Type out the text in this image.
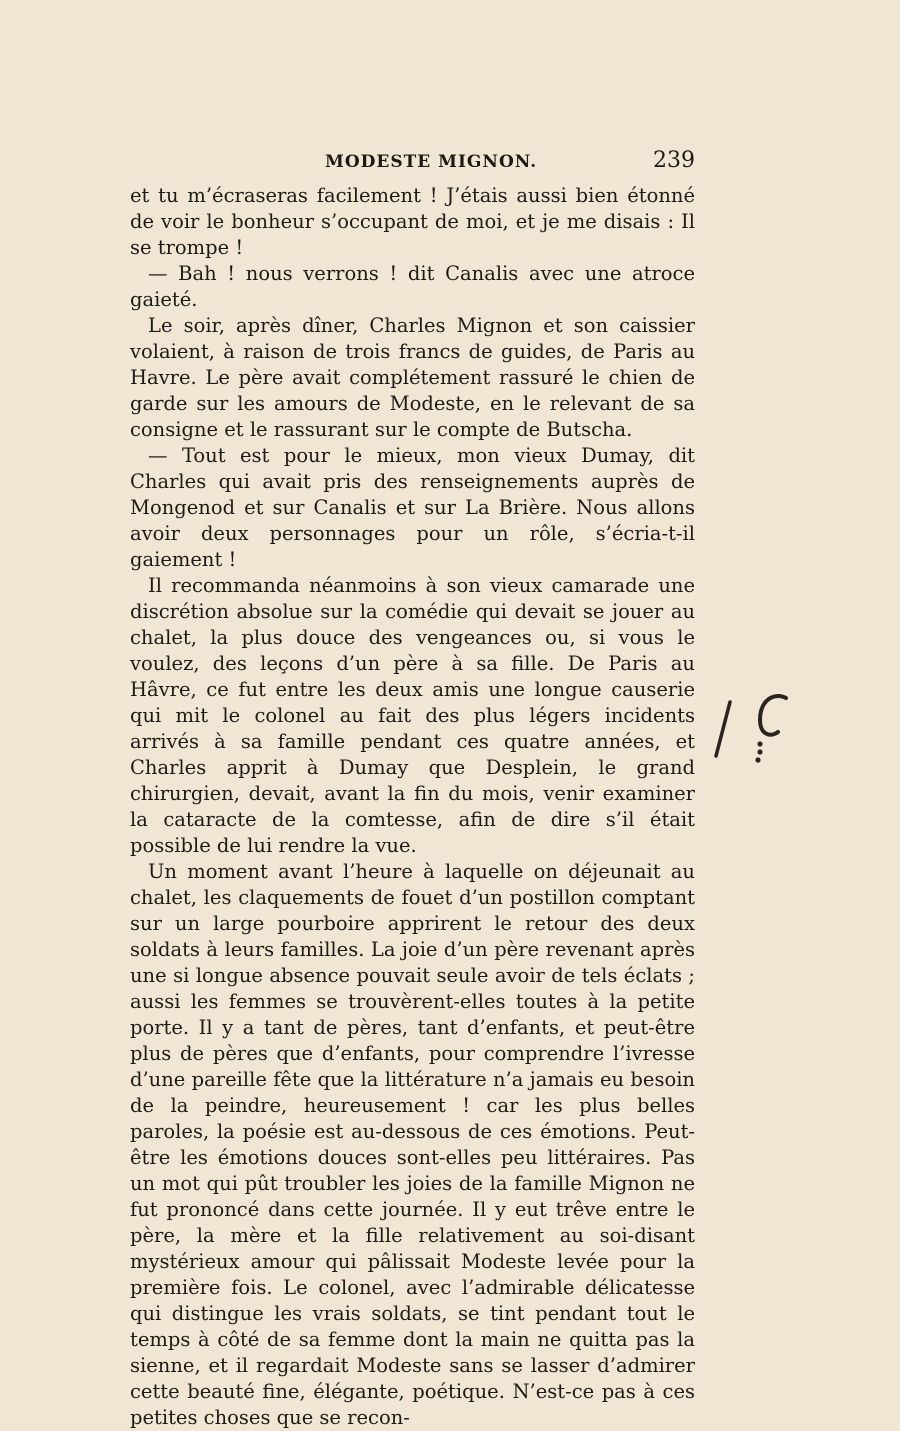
MODESTE MIGNON.	239

et tu m’écraseras facilement ! J’étais aussi bien étonné de voir le bonheur s’occupant de moi, et je me disais : Il se trompe !

— Bah ! nous verrons ! dit Canalis avec une atroce gaieté.

Le soir, après dîner, Charles Mignon et son caissier volaient, à raison de trois francs de guides, de Paris au Havre. Le père avait complétement rassuré le chien de garde sur les amours de Modeste, en le relevant de sa consigne et le rassurant sur le compte de Butscha.

— Tout est pour le mieux, mon vieux Dumay, dit Charles qui avait pris des renseignements auprès de Mongenod et sur Canalis et sur La Brière. Nous allons avoir deux personnages pour un rôle, s’écria-t-il gaiement !

Il recommanda néanmoins à son vieux camarade une discrétion absolue sur la comédie qui devait se jouer au chalet, la plus douce des vengeances ou, si vous le voulez, des leçons d’un père à sa fille. De Paris au Hâvre, ce fut entre les deux amis une longue causerie qui mit le colonel au fait des plus légers incidents arrivés à sa famille pendant ces quatre années, et Charles apprit à Dumay que Desplein, le grand chirurgien, devait, avant la fin du mois, venir examiner la cataracte de la comtesse, afin de dire s’il était possible de lui rendre la vue.

Un moment avant l’heure à laquelle on déjeunait au chalet, les claquements de fouet d’un postillon comptant sur un large pourboire apprirent le retour des deux soldats à leurs familles. La joie d’un père revenant après une si longue absence pouvait seule avoir de tels éclats ; aussi les femmes se trouvèrent-elles toutes à la petite porte. Il y a tant de pères, tant d’enfants, et peut-être plus de pères que d’enfants, pour comprendre l’ivresse d’une pareille fête que la littérature n’a jamais eu besoin de la peindre, heureusement ! car les plus belles paroles, la poésie est au-dessous de ces émotions. Peut-être les émotions douces sont-elles peu littéraires. Pas un mot qui pût troubler les joies de la famille Mignon ne fut prononcé dans cette journée. Il y eut trêve entre le père, la mère et la fille relativement au soi-disant mystérieux amour qui pâlissait Modeste levée pour la première fois. Le colonel, avec l’admirable délicatesse qui distingue les vrais soldats, se tint pendant tout le temps à côté de sa femme dont la main ne quitta pas la sienne, et il regardait Modeste sans se lasser d’admirer cette beauté fine, élégante, poétique. N’est-ce pas à ces petites choses que se recon-
